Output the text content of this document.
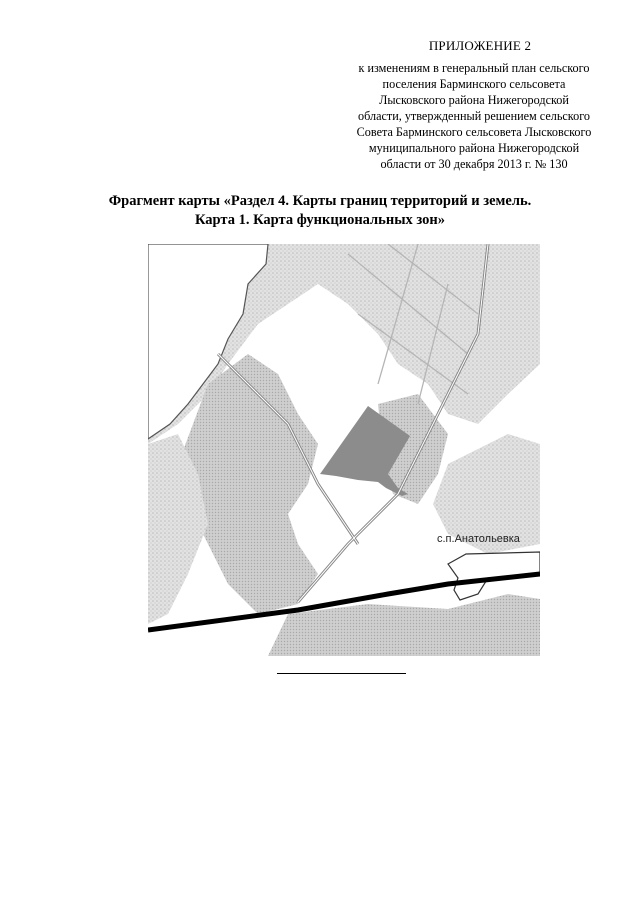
ПРИЛОЖЕНИЕ 2
к изменениям в генеральный план сельского
поселения Барминского сельсовета
Лысковского района Нижегородской
области, утвержденный решением сельского
Совета Барминского сельсовета Лысковского
муниципального района Нижегородской
области от 30 декабря 2013 г. № 130
Фрагмент карты «Раздел 4. Карты границ территорий и земель.
Карта 1. Карта функциональных зон»
с.п.Анатольевка
